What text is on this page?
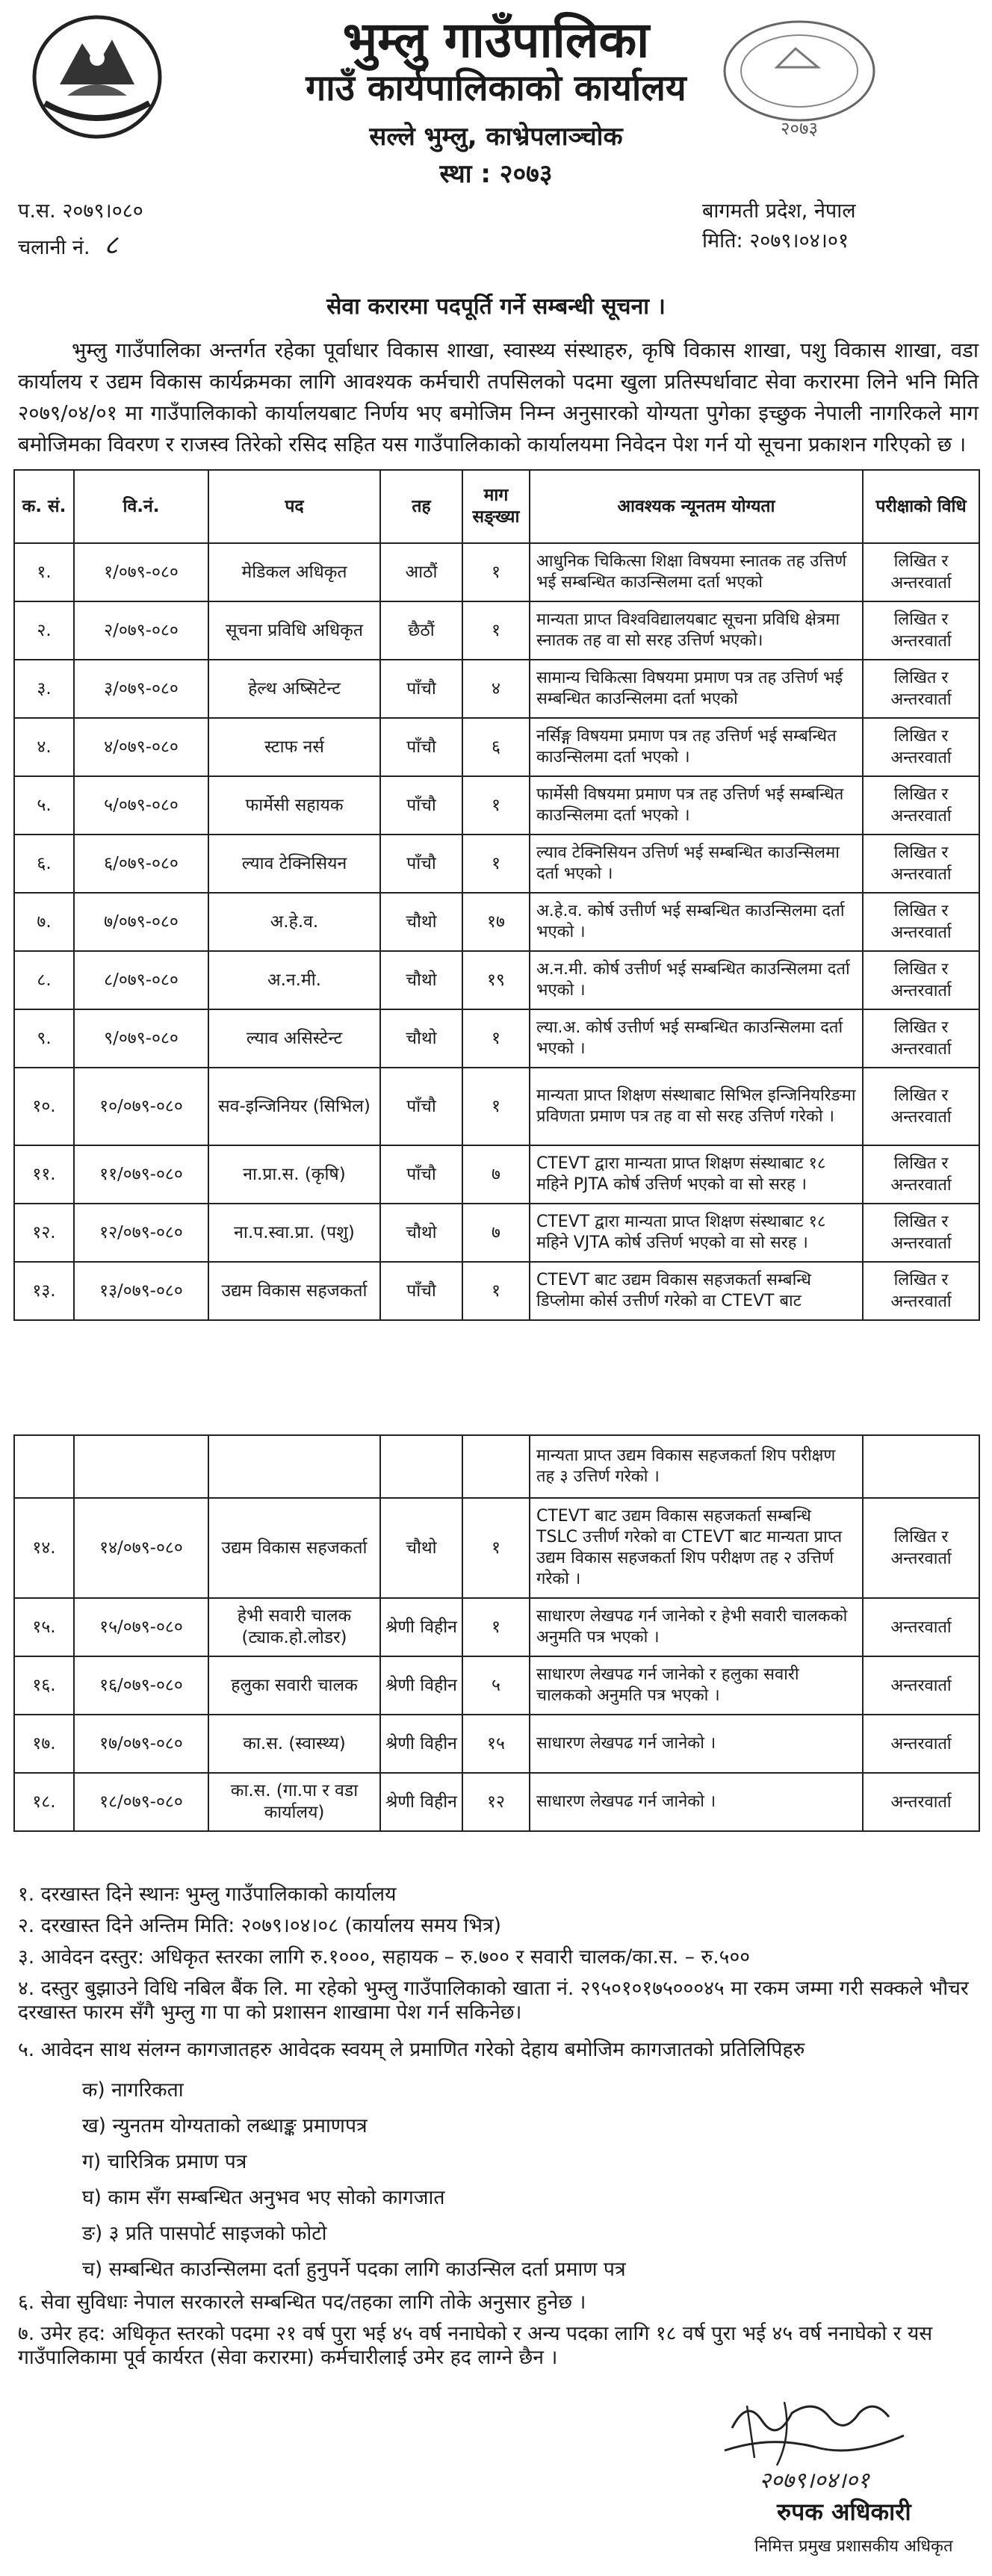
भुम्लु गाउँपालिका
गाउँ कार्यपालिकाको कार्यालय
सल्ले भुम्लु, काभ्रेपलाञ्चोक
स्था : २०७३
२०७३
प.स. २०७९।०८०
चलानी नं. ८
बागमती प्रदेश, नेपाल
मिति: २०७९।०४।०१
सेवा करारमा पदपूर्ति गर्ने सम्बन्धी सूचना ।
भुम्लु गाउँपालिका अन्तर्गत रहेका पूर्वाधार विकास शाखा, स्वास्थ्य संस्थाहरु, कृषि विकास शाखा, पशु विकास शाखा, वडा कार्यालय र उद्यम विकास कार्यक्रमका लागि आवश्यक कर्मचारी तपसिलको पदमा खुला प्रतिस्पर्धावाट सेवा करारमा लिने भनि मिति २०७९/०४/०१ मा गाउँपालिकाको कार्यालयबाट निर्णय भए बमोजिम निम्न अनुसारको योग्यता पुगेका इच्छुक नेपाली नागरिकले माग बमोजिमका विवरण र राजस्व तिरेको रसिद सहित यस गाउँपालिकाको कार्यालयमा निवेदन पेश गर्न यो सूचना प्रकाशन गरिएको छ ।
क. सं.	वि.नं.	पद	तह	माग सङ्ख्या	आवश्यक न्यूनतम योग्यता	परीक्षाको विधि
१.	१/०७९-०८०	मेडिकल अधिकृत	आठौं	१	आधुनिक चिकित्सा शिक्षा विषयमा स्नातक तह उत्तिर्ण भई सम्बन्धित काउन्सिलमा दर्ता भएको	लिखित र अन्तरवार्ता
२.	२/०७९-०८०	सूचना प्रविधि अधिकृत	छैठौं	१	मान्यता प्राप्त विश्वविद्यालयबाट सूचना प्रविधि क्षेत्रमा स्नातक तह वा सो सरह उत्तिर्ण भएको।	लिखित र अन्तरवार्ता
३.	३/०७९-०८०	हेल्थ अष्सिटेन्ट	पाँचौ	४	सामान्य चिकित्सा विषयमा प्रमाण पत्र तह उत्तिर्ण भई सम्बन्धित काउन्सिलमा दर्ता भएको	लिखित र अन्तरवार्ता
४.	४/०७९-०८०	स्टाफ नर्स	पाँचौ	६	नर्सिङ्ग विषयमा प्रमाण पत्र तह उत्तिर्ण भई सम्बन्धित काउन्सिलमा दर्ता भएको ।	लिखित र अन्तरवार्ता
५.	५/०७९-०८०	फार्मेसी सहायक	पाँचौ	१	फार्मेसी विषयमा प्रमाण पत्र तह उत्तिर्ण भई सम्बन्धित काउन्सिलमा दर्ता भएको ।	लिखित र अन्तरवार्ता
६.	६/०७९-०८०	ल्याव टेक्निसियन	पाँचौ	१	ल्याव टेक्निसियन उत्तिर्ण भई सम्बन्धित काउन्सिलमा दर्ता भएको ।	लिखित र अन्तरवार्ता
७.	७/०७९-०८०	अ.हे.व.	चौथो	१७	अ.हे.व. कोर्ष उत्तीर्ण भई सम्बन्धित काउन्सिलमा दर्ता भएको ।	लिखित र अन्तरवार्ता
८.	८/०७९-०८०	अ.न.मी.	चौथो	१९	अ.न.मी. कोर्ष उत्तीर्ण भई सम्बन्धित काउन्सिलमा दर्ता भएको ।	लिखित र अन्तरवार्ता
९.	९/०७९-०८०	ल्याव असिस्टेन्ट	चौथो	१	ल्या.अ. कोर्ष उत्तीर्ण भई सम्बन्धित काउन्सिलमा दर्ता भएको ।	लिखित र अन्तरवार्ता
१०.	१०/०७९-०८०	सव-इन्जिनियर (सिभिल)	पाँचौ	१	मान्यता प्राप्त शिक्षण संस्थाबाट सिभिल इन्जिनियरिङमा प्रविणता प्रमाण पत्र तह वा सो सरह उत्तिर्ण गरेको ।	लिखित र अन्तरवार्ता
११.	११/०७९-०८०	ना.प्रा.स. (कृषि)	पाँचौ	७	CTEVT द्वारा मान्यता प्राप्त शिक्षण संस्थाबाट १८ महिने PJTA कोर्ष उत्तिर्ण भएको वा सो सरह ।	लिखित र अन्तरवार्ता
१२.	१२/०७९-०८०	ना.प.स्वा.प्रा. (पशु)	चौथो	७	CTEVT द्वारा मान्यता प्राप्त शिक्षण संस्थाबाट १८ महिने VJTA कोर्ष उत्तिर्ण भएको वा सो सरह ।	लिखित र अन्तरवार्ता
१३.	१३/०७९-०८०	उद्यम विकास सहजकर्ता	पाँचौ	१	CTEVT बाट उद्यम विकास सहजकर्ता सम्बन्धि डिप्लोमा कोर्स उत्तीर्ण गरेको वा CTEVT बाट	लिखित र अन्तरवार्ता
					मान्यता प्राप्त उद्यम विकास सहजकर्ता शिप परीक्षण तह ३ उत्तिर्ण गरेको ।	
१४.	१४/०७९-०८०	उद्यम विकास सहजकर्ता	चौथो	१	CTEVT बाट उद्यम विकास सहजकर्ता सम्बन्धि TSLC उत्तीर्ण गरेको वा CTEVT बाट मान्यता प्राप्त उद्यम विकास सहजकर्ता शिप परीक्षण तह २ उत्तिर्ण गरेको ।	लिखित र अन्तरवार्ता
१५.	१५/०७९-०८०	हेभी सवारी चालक (ट्याक.हो.लोडर)	श्रेणी विहीन	१	साधारण लेखपढ गर्न जानेको र हेभी सवारी चालकको अनुमति पत्र भएको ।	अन्तरवार्ता
१६.	१६/०७९-०८०	हलुका सवारी चालक	श्रेणी विहीन	५	साधारण लेखपढ गर्न जानेको र हलुका सवारी चालकको अनुमति पत्र भएको ।	अन्तरवार्ता
१७.	१७/०७९-०८०	का.स. (स्वास्थ्य)	श्रेणी विहीन	१५	साधारण लेखपढ गर्न जानेको ।	अन्तरवार्ता
१८.	१८/०७९-०८०	का.स. (गा.पा र वडा कार्यालय)	श्रेणी विहीन	१२	साधारण लेखपढ गर्न जानेको ।	अन्तरवार्ता
१. दरखास्त दिने स्थानः भुम्लु गाउँपालिकाको कार्यालय
२. दरखास्त दिने अन्तिम मिति: २०७९।०४।०८ (कार्यालय समय भित्र)
३. आवेदन दस्तुर: अधिकृत स्तरका लागि रु.१०००, सहायक – रु.७०० र सवारी चालक/का.स. – रु.५००
४. दस्तुर बुझाउने विधि नबिल बैंक लि. मा रहेको भुम्लु गाउँपालिकाको खाता नं. २९५०१०१७५०००४५ मा रकम जम्मा गरी सक्कले भौचर दरखास्त फारम सँगै भुम्लु गा पा को प्रशासन शाखामा पेश गर्न सकिनेछ।
५. आवेदन साथ संलग्न कागजातहरु आवेदक स्वयम् ले प्रमाणित गरेको देहाय बमोजिम कागजातको प्रतिलिपिहरु
क) नागरिकता
ख) न्युनतम योग्यताको लब्धाङ्क प्रमाणपत्र
ग) चारित्रिक प्रमाण पत्र
घ) काम सँग सम्बन्धित अनुभव भए सोको कागजात
ङ) ३ प्रति पासपोर्ट साइजको फोटो
च) सम्बन्धित काउन्सिलमा दर्ता हुनुपर्ने पदका लागि काउन्सिल दर्ता प्रमाण पत्र
६. सेवा सुविधाः नेपाल सरकारले सम्बन्धित पद/तहका लागि तोके अनुसार हुनेछ ।
७. उमेर हद: अधिकृत स्तरको पदमा २१ वर्ष पुरा भई ४५ वर्ष ननाघेको र अन्य पदका लागि १८ वर्ष पुरा भई ४५ वर्ष ननाघेको र यस गाउँपालिकामा पूर्व कार्यरत (सेवा करारमा) कर्मचारीलाई उमेर हद लाग्ने छैन ।
२०७९।०४।०१
रुपक अधिकारी
निमित्त प्रमुख प्रशासकीय अधिकृत
